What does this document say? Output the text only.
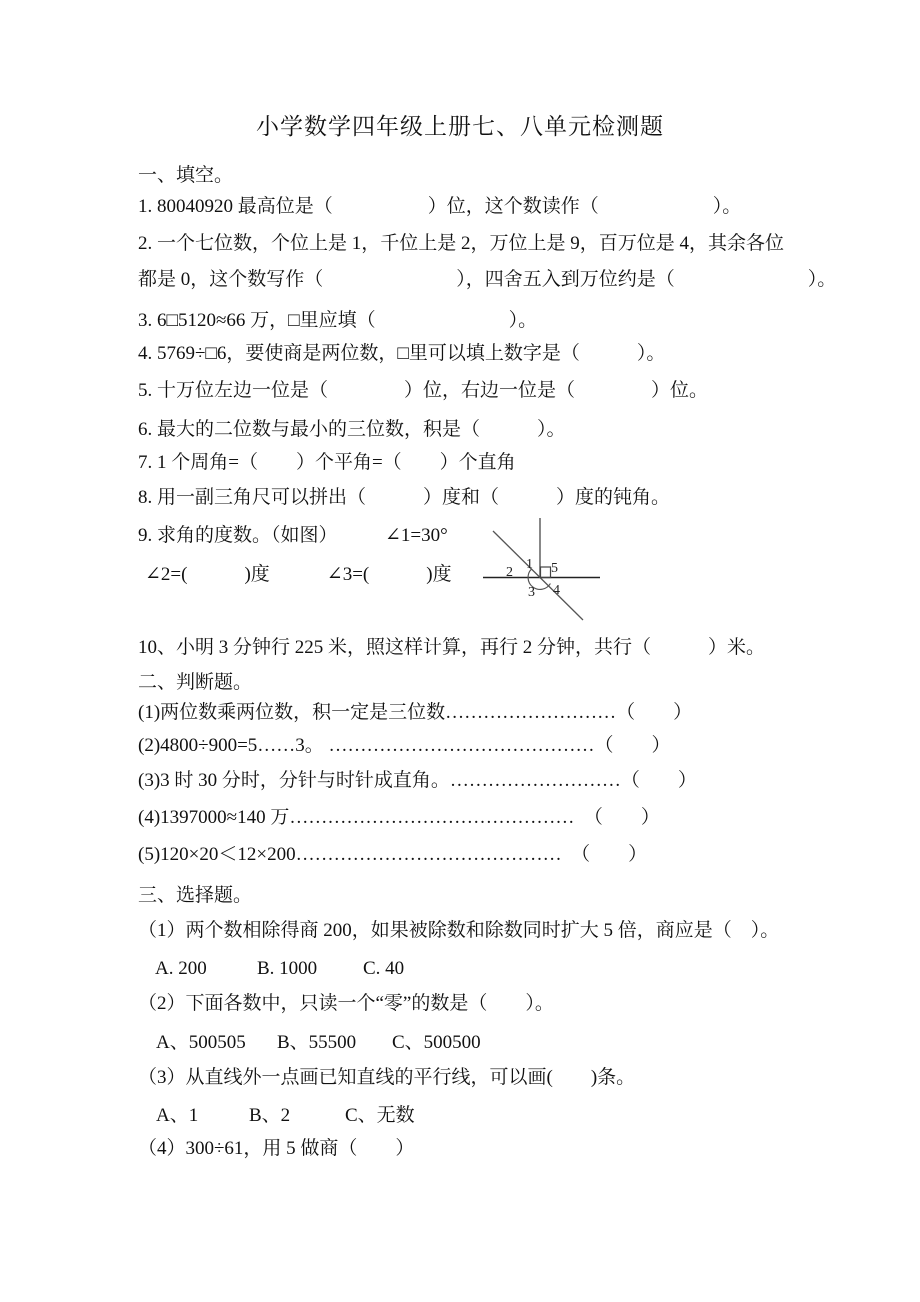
小学数学四年级上册七、八单元检测题
一、填空。
1. 80040920 最高位是（　　　　　）位，这个数读作（　　　　　　）。
2. 一个七位数，个位上是 1，千位上是 2，万位上是 9，百万位是 4，其余各位
都是 0，这个数写作（　　　　　　　），四舍五入到万位约是（　　　　　　　）。
3. 6□5120≈66 万，□里应填（　　　　　　　）。
4. 5769÷□6，要使商是两位数，□里可以填上数字是（　　　）。
5. 十万位左边一位是（　　　　）位，右边一位是（　　　　）位。
6. 最大的二位数与最小的三位数，积是（　　　）。
7. 1 个周角=（　　）个平角=（　　）个直角
8. 用一副三角尺可以拼出（　　　）度和（　　　）度的钝角。
9. 求角的度数。（如图）　　　∠1=30°
∠2=(　　　)度　　　∠3=(　　　)度	1
2
3 4
5
10、小明 3 分钟行 225 米，照这样计算，再行 2 分钟，共行（　　　）米。
二、判断题。
(1)两位数乘两位数，积一定是三位数………………………（　　）
(2)4800÷900=5……3。 ……………………………………（　　）
(3)3 时 30 分时，分针与时针成直角。………………………（　　）
(4)1397000≈140 万………………………………………　（　　）
(5)120×20＜12×200……………………………………　（　　）
三、选择题。
（1）两个数相除得商 200，如果被除数和除数同时扩大 5 倍，商应是（　）。
A. 200	B. 1000 C. 40
（2）下面各数中，只读一个“零”的数是（　　）。
A、500505 B、55500 C、500500
（3）从直线外一点画已知直线的平行线，可以画(　　)条。
A、1	B、2	C、无数
（4）300÷61，用 5 做商（　　）
